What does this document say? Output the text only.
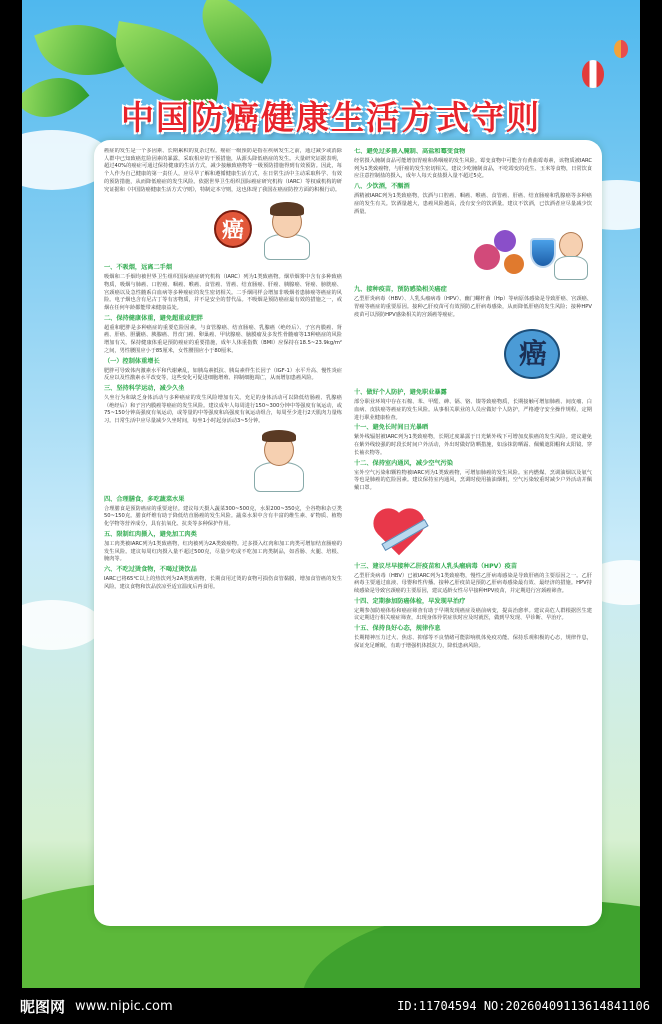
中国防癌健康生活方式守则
癌症的发生是一个多因素、长期累积的复杂过程。癌症一级预防是指在疾病发生之前，通过减少或消除人群中已知致癌危险因素的暴露，采取相应的干预措施，从源头降低癌症的发生。大量研究证据表明，超过40%的癌症可通过保持健康的生活方式，减少接触致癌物等一级预防措施得到有效预防。因此，每个人作为自己健康的第一责任人，应尽早了解和遵循健康生活方式，在日常生活中主动采取科学、有效的预防措施，从而降低癌症的发生风险。依据世界卫生组织国际癌症研究机构（IARC）等权威机构的研究证据和《中国防癌健康生活方式守则》，特制定本守则，这也体现了我国在癌症防控方面的积极行动。
癌
一、不吸烟，远离二手烟
吸烟和二手烟均被世界卫生组织国际癌症研究机构（IARC）列为1类致癌物。烟草烟雾中含有多种致癌物质，吸烟与肺癌、口腔癌、咽癌、喉癌、食管癌、胃癌、结直肠癌、肝癌、胰腺癌、肾癌、膀胱癌、宫颈癌以及急性髓系白血病等多种癌症的发生密切相关。二手烟同样会增加非吸烟者患肺癌等癌症的风险。电子烟也含有尼古丁等有害物质，并不是安全的替代品。不吸烟是预防癌症最有效的措施之一，戒烟在任何年龄都能带来健康益处。
二、保持健康体重，避免超重或肥胖
超重和肥胖是多种癌症的重要危险因素，与食管腺癌、结直肠癌、乳腺癌（绝经后）、子宫内膜癌、肾癌、肝癌、胆囊癌、胰腺癌、胃贲门癌、卵巢癌、甲状腺癌、脑膜瘤及多发性骨髓瘤等13种癌症的风险增加有关。保持健康体重是预防癌症的重要措施，成年人体重指数（BMI）应保持在18.5~23.9kg/m²之间，男性腰围应小于85厘米，女性腰围应小于80厘米。
（一）控制体重增长
肥胖可导致体内激素水平和代谢紊乱，如胰岛素抵抗、胰岛素样生长因子（IGF-1）水平升高、慢性炎症反应以及性激素水平改变等，这些变化可促进细胞增殖、抑制细胞凋亡，从而增加患癌风险。
三、坚持科学运动，减少久坐
久坐行为和缺乏身体活动与多种癌症的发生风险增加有关。充足的身体活动可以降低结肠癌、乳腺癌（绝经后）和子宫内膜癌等癌症的发生风险。建议成年人每周进行150~300分钟中等强度有氧运动，或75~150分钟高强度有氧运动，或等量的中等强度和高强度有氧运动组合，每周至少进行2天肌肉力量练习。日常生活中应尽量减少久坐时间，每坐1小时起身活动3~5分钟。
四、合理膳食，多吃蔬菜水果
合理膳食是预防癌症的重要途径。建议每天摄入蔬菜300~500克，水果200~350克，全谷物和杂豆类50~150克。膳食纤维有助于降低结直肠癌的发生风险。蔬菜水果中含有丰富的维生素、矿物质、植物化学物等营养成分，具有抗氧化、抗炎等多种保护作用。
五、限制红肉摄入，避免加工肉类
加工肉类被IARC列为1类致癌物，红肉被列为2A类致癌物。过多摄入红肉和加工肉类可增加结直肠癌的发生风险。建议每周红肉摄入量不超过500克，尽量少吃或不吃加工肉类制品，如香肠、火腿、培根、腌肉等。
六、不吃过烫食物，不喝过烫饮品
IARC已将65℃以上的热饮列为2A类致癌物，长期食用过烫的食物可损伤食管黏膜，增加食管癌的发生风险。建议食物和饮品放凉至适宜温度后再食用。
七、避免过多摄入腌制、高盐和霉变食物
经常摄入腌制食品可能增加胃癌和鼻咽癌的发生风险。霉变食物中可能含有黄曲霉毒素，该物质被IARC列为1类致癌物，与肝癌的发生密切相关。建议少吃腌制食品，不吃霉变的花生、玉米等食物，日常饮食应注意控制盐的摄入，成年人每天食盐摄入量不超过5克。
八、少饮酒，不酗酒
酒精被IARC列为1类致癌物，饮酒与口腔癌、咽癌、喉癌、食管癌、肝癌、结直肠癌和乳腺癌等多种癌症的发生有关。饮酒量越大，患癌风险越高，没有安全的饮酒量。建议不饮酒，已饮酒者应尽量减少饮酒量。
九、接种疫苗，预防感染相关癌症
乙型肝炎病毒（HBV）、人乳头瘤病毒（HPV）、幽门螺杆菌（Hp）等病原体感染是导致肝癌、宫颈癌、胃癌等癌症的重要原因。接种乙肝疫苗可有效预防乙肝病毒感染，从而降低肝癌的发生风险；接种HPV疫苗可以预防HPV感染相关的宫颈癌等癌症。
癌
十、做好个人防护，避免职业暴露
部分职业环境中存在石棉、苯、甲醛、砷、镉、铬、镍等致癌物质，长期接触可增加肺癌、间皮瘤、白血病、皮肤癌等癌症的发生风险。从事相关职业的人员应做好个人防护，严格遵守安全操作规程，定期进行职业健康检查。
十一、避免长时间日光暴晒
紫外线辐射被IARC列为1类致癌物，长期过度暴露于日光紫外线下可增加皮肤癌的发生风险。建议避免在紫外线较强的时段长时间户外活动，外出时做好防晒措施，如涂抹防晒霜、佩戴遮阳帽和太阳镜、穿长袖衣物等。
十二、保持室内通风，减少空气污染
室外空气污染和颗粒物被IARC列为1类致癌物，可增加肺癌的发生风险。室内燃煤、烹调油烟以及氡气等也是肺癌的危险因素。建议保持室内通风，烹调时使用抽油烟机，空气污染较重时减少户外活动并佩戴口罩。
十三、建议尽早接种乙肝疫苗和人乳头瘤病毒（HPV）疫苗
乙型肝炎病毒（HBV）已被IARC列为1类致癌物，慢性乙肝病毒感染是导致肝癌的主要原因之一。乙肝病毒主要通过血液、母婴和性传播。接种乙肝疫苗是预防乙肝病毒感染最有效、最经济的措施。HPV持续感染是导致宫颈癌的主要原因，建议适龄女性尽早接种HPV疫苗，并定期进行宫颈癌筛查。
十四、定期参加防癌体检，早发现早治疗
定期参加防癌体检和癌症筛查有助于早期发现癌症及癌前病变，提高治愈率。建议高危人群根据医生建议定期进行相关癌症筛查，出现身体异常症状时应及时就医，做到早发现、早诊断、早治疗。
十五、保持良好心态，规律作息
长期精神压力过大、焦虑、抑郁等不良情绪可能影响机体免疫功能。保持乐观积极的心态，规律作息，保证充足睡眠，有助于增强机体抵抗力，降低患病风险。
昵图网 www.nipic.com	ID:11704594 NO:20260409113614841106
